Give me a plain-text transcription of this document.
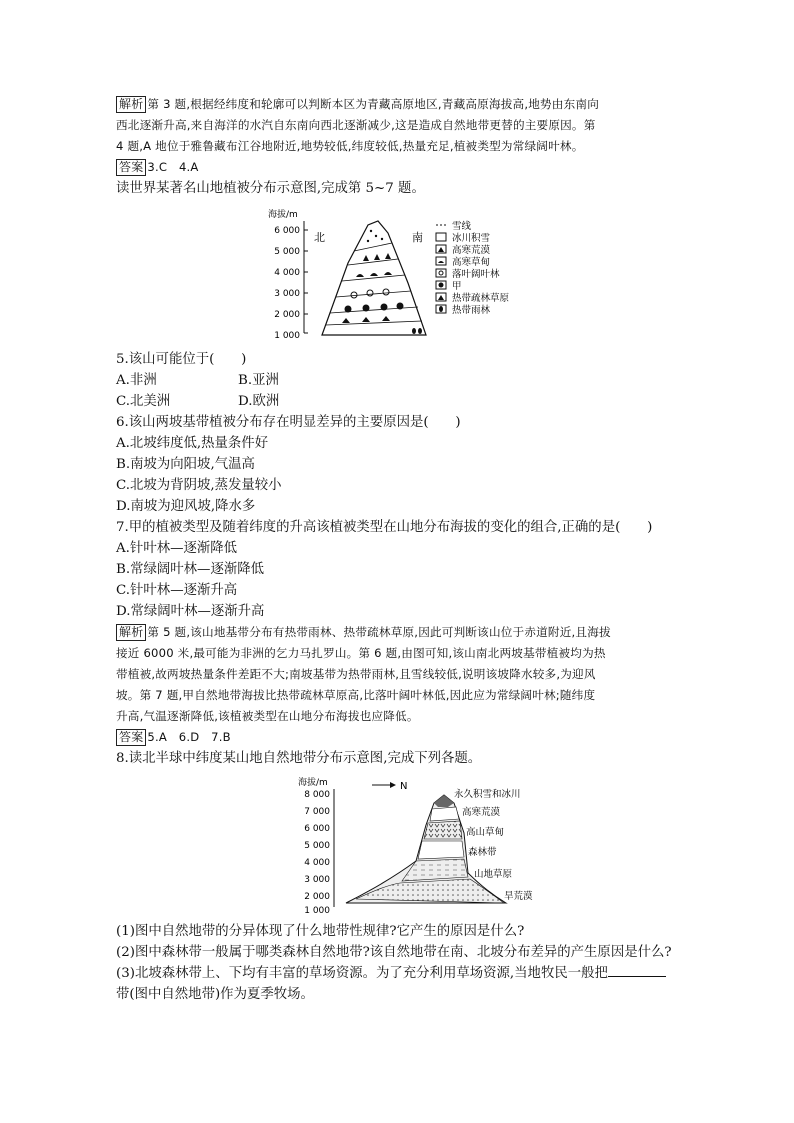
解析 第 3 题,根据经纬度和轮廓可以判断本区为青藏高原地区,青藏高原海拔高,地势由东南向

西北逐渐升高,来自海洋的水汽自东南向西北逐渐减少,这是造成自然地带更替的主要原因。第

4 题,A 地位于雅鲁藏布江谷地附近,地势较低,纬度较低,热量充足,植被类型为常绿阔叶林。

答案 3.C　4.A

读世界某著名山地植被分布示意图,完成第 5~7 题。

海拔/m
6 000
5 000
4 000
3 000
2 000
1 000
北	南
雪线
冰川积雪
高寒荒漠
高寒草甸
落叶阔叶林
甲
热带疏林草原
热带雨林

5.该山可能位于(　　)

A.非洲	B.亚洲

C.北美洲	D.欧洲

6.该山两坡基带植被分布存在明显差异的主要原因是(　　)

A.北坡纬度低,热量条件好

B.南坡为向阳坡,气温高

C.北坡为背阴坡,蒸发量较小

D.南坡为迎风坡,降水多

7.甲的植被类型及随着纬度的升高该植被类型在山地分布海拔的变化的组合,正确的是(　　)

A.针叶林—逐渐降低

B.常绿阔叶林—逐渐降低

C.针叶林—逐渐升高

D.常绿阔叶林—逐渐升高

解析 第 5 题,该山地基带分布有热带雨林、热带疏林草原,因此可判断该山位于赤道附近,且海拔

接近 6000 米,最可能为非洲的乞力马扎罗山。第 6 题,由图可知,该山南北两坡基带植被均为热

带植被,故两坡热量条件差距不大;南坡基带为热带雨林,且雪线较低,说明该坡降水较多,为迎风

坡。第 7 题,甲自然地带海拔比热带疏林草原高,比落叶阔叶林低,因此应为常绿阔叶林;随纬度

升高,气温逐渐降低,该植被类型在山地分布海拔也应降低。

答案 5.A　6.D　7.B

8.读北半球中纬度某山地自然地带分布示意图,完成下列各题。

海拔/m
8 000
7 000
6 000
5 000
4 000
3 000
2 000
1 000
N
永久积雪和冰川
高寒荒漠
高山草甸
森林带
山地草原
旱荒漠

(1)图中自然地带的分异体现了什么地带性规律?它产生的原因是什么?

(2)图中森林带一般属于哪类森林自然地带?该自然地带在南、北坡分布差异的产生原因是什么?

(3)北坡森林带上、下均有丰富的草场资源。为了充分利用草场资源,当地牧民一般把

带(图中自然地带)作为夏季牧场。
